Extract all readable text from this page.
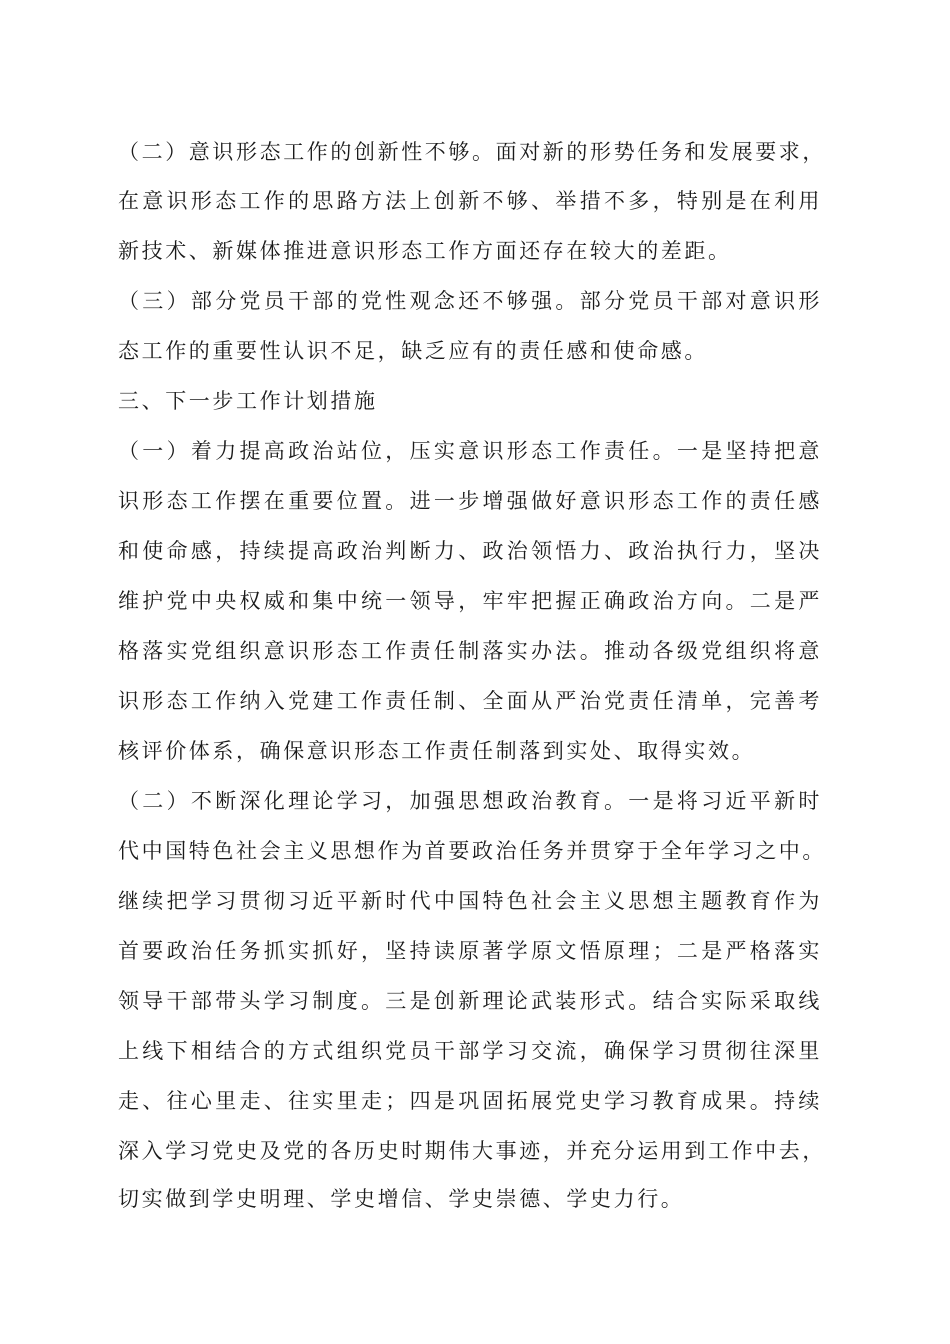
（二）意识形态工作的创新性不够。面对新的形势任务和发展要求，
在意识形态工作的思路方法上创新不够、举措不多，特别是在利用
新技术、新媒体推进意识形态工作方面还存在较大的差距。
（三）部分党员干部的党性观念还不够强。部分党员干部对意识形
态工作的重要性认识不足，缺乏应有的责任感和使命感。
三、下一步工作计划措施
（一）着力提高政治站位，压实意识形态工作责任。一是坚持把意
识形态工作摆在重要位置。进一步增强做好意识形态工作的责任感
和使命感，持续提高政治判断力、政治领悟力、政治执行力，坚决
维护党中央权威和集中统一领导，牢牢把握正确政治方向。二是严
格落实党组织意识形态工作责任制落实办法。推动各级党组织将意
识形态工作纳入党建工作责任制、全面从严治党责任清单，完善考
核评价体系，确保意识形态工作责任制落到实处、取得实效。
（二）不断深化理论学习，加强思想政治教育。一是将习近平新时
代中国特色社会主义思想作为首要政治任务并贯穿于全年学习之中。
继续把学习贯彻习近平新时代中国特色社会主义思想主题教育作为
首要政治任务抓实抓好，坚持读原著学原文悟原理；二是严格落实
领导干部带头学习制度。三是创新理论武装形式。结合实际采取线
上线下相结合的方式组织党员干部学习交流，确保学习贯彻往深里
走、往心里走、往实里走；四是巩固拓展党史学习教育成果。持续
深入学习党史及党的各历史时期伟大事迹，并充分运用到工作中去，
切实做到学史明理、学史增信、学史崇德、学史力行。
